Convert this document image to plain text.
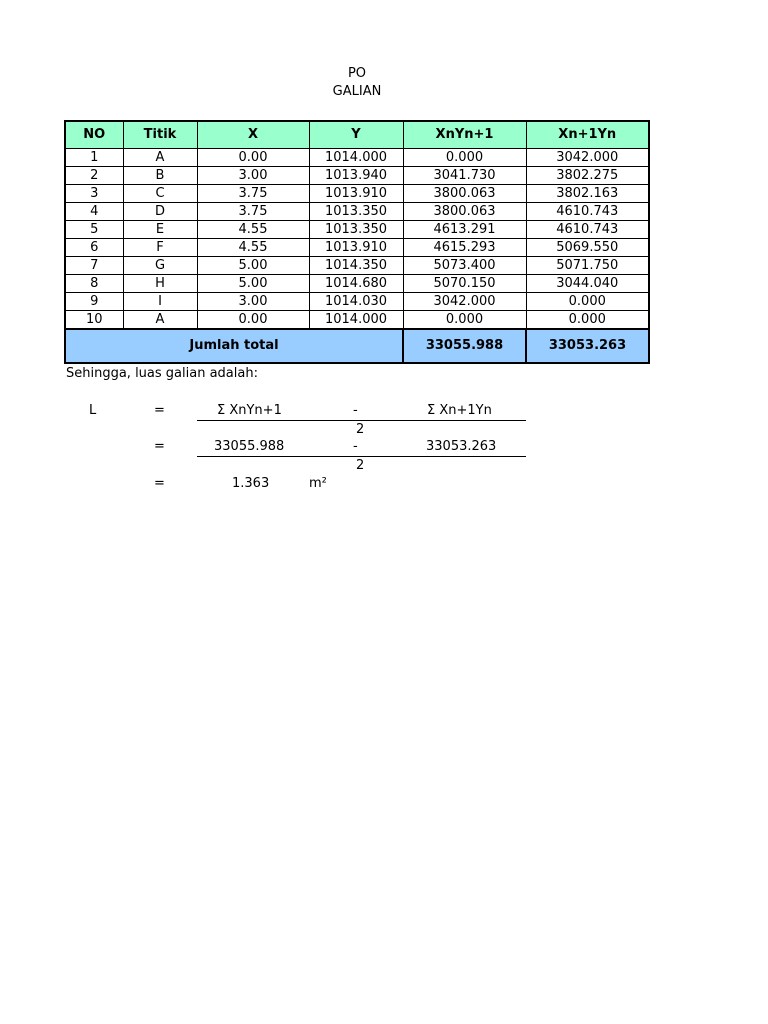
PO
GALIAN
NO	Titik	X	Y	XnYn+1	Xn+1Yn
1	A	0.00	1014.000	0.000	3042.000
2	B	3.00	1013.940	3041.730	3802.275
3	C	3.75	1013.910	3800.063	3802.163
4	D	3.75	1013.350	3800.063	4610.743
5	E	4.55	1013.350	4613.291	4610.743
6	F	4.55	1013.910	4615.293	5069.550
7	G	5.00	1014.350	5073.400	5071.750
8	H	5.00	1014.680	5070.150	3044.040
9	I	3.00	1014.030	3042.000	0.000
10	A	0.00	1014.000	0.000	0.000
Jumlah total				33055.988	33053.263
Sehingga, luas galian adalah:
L	=	Σ XnYn+1	-	Σ Xn+1Yn
2
=	33055.988	-	33053.263
2
=	1.363	m²
